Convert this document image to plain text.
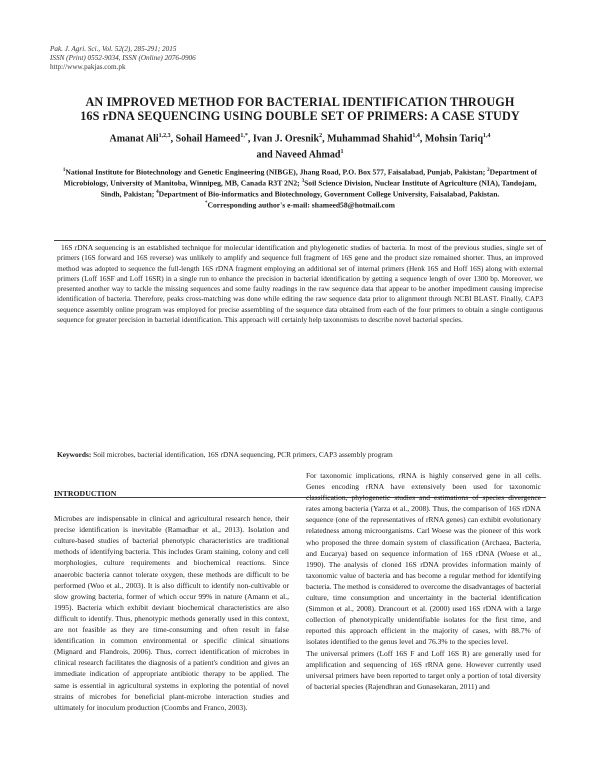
Pak. J. Agri. Sci., Vol. 52(2), 285-291; 2015
ISSN (Print) 0552-9034, ISSN (Online) 2076-0906
http://www.pakjas.com.pk
AN IMPROVED METHOD FOR BACTERIAL IDENTIFICATION THROUGH
16S rDNA SEQUENCING USING DOUBLE SET OF PRIMERS: A CASE STUDY
Amanat Ali$^{1,2,3}$, Sohail Hameed$^{1,*}$, Ivan J. Oresnik$^2$, Muhammad Shahid$^{1,4}$, Mohsin Tariq$^{1,4}$
and Naveed Ahmad$^1$
$^1$National Institute for Biotechnology and Genetic Engineering (NIBGE), Jhang Road, P.O. Box 577, Faisalabad, Punjab, Pakistan; $^2$Department of Microbiology, University of Manitoba, Winnipeg, MB, Canada R3T 2N2; $^3$Soil Science Division, Nuclear Institute of Agriculture (NIA), Tandojam, Sindh, Pakistan; $^4$Department of Bio-informatics and Biotechnology, Government College University, Faisalabad, Pakistan.
*Corresponding author's e-mail: shameed58@hotmail.com

16S rDNA sequencing is an established technique for molecular identification and phylogenetic studies of bacteria. In most of the previous studies, single set of primers (16S forward and 16S reverse) was unlikely to amplify and sequence full fragment of 16S gene and the product size remained shorter. Thus, an improved method was adopted to sequence the full-length 16S rDNA fragment employing an additional set of internal primers (Henk 16S and Hoff 16S) along with external primers (Loff 16SF and Loff 16SR) in a single run to enhance the precision in bacterial identification by getting a sequence length of over 1300 bp. Moreover, we presented another way to tackle the missing sequences and some faulty readings in the raw sequence data that appear to be another impediment causing imprecise identification of bacteria. Therefore, peaks cross-matching was done while editing the raw sequence data prior to alignment through NCBI BLAST. Finally, CAP3 sequence assembly online program was employed for precise assembling of the sequence data obtained from each of the four primers to obtain a single contiguous sequence for greater precision in bacterial identification. This approach will certainly help taxonomists to describe novel bacterial species.

Keywords: Soil microbes, bacterial identification, 16S rDNA sequencing, PCR primers, CAP3 assembly program

INTRODUCTION

Microbes are indispensable in clinical and agricultural research hence, their precise identification is inevitable (Ramadhar et al., 2013). Isolation and culture-based studies of bacterial phenotypic characteristics are traditional methods of identifying bacteria. This includes Gram staining, colony and cell morphologies, culture requirements and biochemical reactions. Since anaerobic bacteria cannot tolerate oxygen, these methods are difficult to be performed (Woo et al., 2003). It is also difficult to identify non-cultivable or slow growing bacteria, former of which occur 99% in nature (Amann et al., 1995). Bacteria which exhibit deviant biochemical characteristics are also difficult to identify. Thus, phenotypic methods generally used in this context, are not feasible as they are time-consuming and often result in false identification in common environmental or specific clinical situations (Mignard and Flandrois, 2006). Thus, correct identification of microbes in clinical research facilitates the diagnosis of a patient's condition and gives an immediate indication of appropriate antibiotic therapy to be applied. The same is essential in agricultural systems in exploring the potential of novel strains of microbes for beneficial plant-microbe interaction studies and ultimately for inoculum production (Coombs and Franco, 2003).

For taxonomic implications, rRNA is highly conserved gene in all cells. Genes encoding rRNA have extensively been used for taxonomic classification, phylogenetic studies and estimations of species divergence rates among bacteria (Yarza et al., 2008). Thus, the comparison of 16S rDNA sequence (one of the representatives of rRNA genes) can exhibit evolutionary relatedness among microorganisms. Carl Woese was the pioneer of this work who proposed the three domain system of classification (Archaea, Bacteria, and Eucarya) based on sequence information of 16S rDNA (Woese et al., 1990). The analysis of cloned 16S rDNA provides information mainly of taxonomic value of bacteria and has become a regular method for identifying bacteria. The method is considered to overcome the disadvantages of bacterial culture, time consumption and uncertainty in the bacterial identification (Simmon et al., 2008). Drancourt et al. (2000) used 16S rDNA with a large collection of phenotypically unidentifiable isolates for the first time, and reported this approach efficient in the majority of cases, with 88.7% of isolates identified to the genus level and 76.3% to the species level.

The universal primers (Loff 16S F and Loff 16S R) are generally used for amplification and sequencing of 16S rRNA gene. However currently used universal primers have been reported to target only a portion of total diversity of bacterial species (Rajendhran and Gunasekaran, 2011) and
